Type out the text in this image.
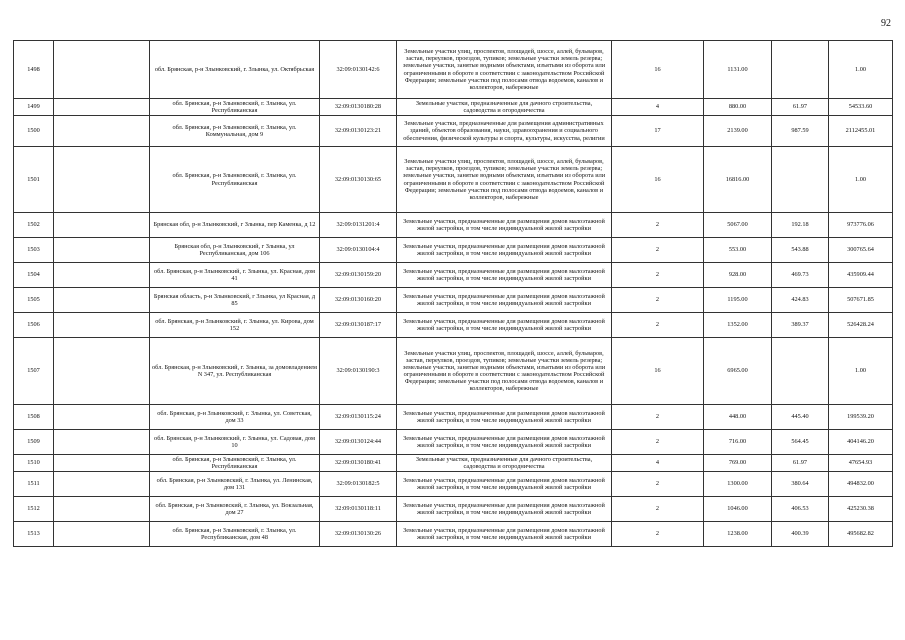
92
1498		обл. Брянская, р-н Злынковский, г. Злынка, ул. Октябрьская	32:09:0130142:6	Земельные участки улиц, проспектов, площадей, шоссе, аллей, бульваров, застав, переулков, проездов, тупиков; земельные участки земель резерва; земельные участки, занятые водными объектами, изъятыми из оборота или ограниченными в обороте в соответствии с законодательством Российской Федерации; земельные участки под полосами отвода водоемов, каналов и коллекторов, набережные	16	1131.00		1.00
1499		обл. Брянская, р-н Злынковский, г. Злынка, ул. Республиканская	32:09:0130180:28	Земельные участки, предназначенные для дачного строительства, садоводства и огородничества	4	880.00	61.97	54533.60
1500		обл. Брянская, р-н Злынковский, г. Злынка, ул. Коммунальная, дом 9	32:09:0130123:21	Земельные участки, предназначенные для размещения административных зданий, объектов образования, науки, здравоохранения и социального обеспечения, физической культуры и спорта, культуры, искусства, религии	17	2139.00	987.59	2112455.01
1501		обл. Брянская, р-н Злынковский, г. Злынка, ул. Республиканская	32:09:0130130:65	Земельные участки улиц, проспектов, площадей, шоссе, аллей, бульваров, застав, переулков, проездов, тупиков; земельные участки земель резерва; земельные участки, занятые водными объектами, изъятыми из оборота или ограниченными в обороте в соответствии с законодательством Российской Федерации; земельные участки под полосами отвода водоемов, каналов и коллекторов, набережные	16	16816.00		1.00
1502		Брянская обл, р-н Злынковский, г Злынка, пер Каменка, д 12	32:09:0131201:4	Земельные участки, предназначенные для размещения домов малоэтажной жилой застройки, в том числе индивидуальной жилой застройки	2	5067.00	192.18	973776.06
1503		Брянская обл, р-н Злынковский, г Злынка, ул Республиканская, дом 106	32:09:0130104:4	Земельные участки, предназначенные для размещения домов малоэтажной жилой застройки, в том числе индивидуальной жилой застройки	2	553.00	543.88	300765.64
1504		обл. Брянская, р-н Злынковский, г. Злынка, ул. Красная, дом 41	32:09:0130159:20	Земельные участки, предназначенные для размещения домов малоэтажной жилой застройки, в том числе индивидуальной жилой застройки	2	928.00	469.73	435909.44
1505		Брянская область, р-н Злынковский, г Злынка, ул Красная, д 85	32:09:0130160:20	Земельные участки, предназначенные для размещения домов малоэтажной жилой застройки, в том числе индивидуальной жилой застройки	2	1195.00	424.83	507671.85
1506		обл. Брянская, р-н Злынковский, г. Злынка, ул. Кирова, дом 152	32:09:0130187:17	Земельные участки, предназначенные для размещения домов малоэтажной жилой застройки, в том числе индивидуальной жилой застройки	2	1352.00	389.37	526428.24
1507		обл. Брянская, р-н Злынковский, г. Злынка, за домовладением N 347, ул. Республиканская	32:09:0130190:3	Земельные участки улиц, проспектов, площадей, шоссе, аллей, бульваров, застав, переулков, проездов, тупиков; земельные участки земель резерва; земельные участки, занятые водными объектами, изъятыми из оборота или ограниченными в обороте в соответствии с законодательством Российской Федерации; земельные участки под полосами отвода водоемов, каналов и коллекторов, набережные	16	6965.00		1.00
1508		обл. Брянская, р-н Злынковский, г. Злынка, ул. Советская, дом 33	32:09:0130115:24	Земельные участки, предназначенные для размещения домов малоэтажной жилой застройки, в том числе индивидуальной жилой застройки	2	448.00	445.40	199539.20
1509		обл. Брянская, р-н Злынковский, г. Злынка, ул. Садовая, дом 10	32:09:0130124:44	Земельные участки, предназначенные для размещения домов малоэтажной жилой застройки, в том числе индивидуальной жилой застройки	2	716.00	564.45	404146.20
1510		обл. Брянская, р-н Злынковский, г. Злынка, ул. Республиканская	32:09:0130180:41	Земельные участки, предназначенные для дачного строительства, садоводства и огородничества	4	769.00	61.97	47654.93
1511		обл. Брянская, р-н Злынковский, г. Злынка, ул. Ленинская, дом 131	32:09:0130182:5	Земельные участки, предназначенные для размещения домов малоэтажной жилой застройки, в том числе индивидуальной жилой застройки	2	1300.00	380.64	494832.00
1512		обл. Брянская, р-н Злынковский, г. Злынка, ул. Вокзальная, дом 27	32:09:0130118:11	Земельные участки, предназначенные для размещения домов малоэтажной жилой застройки, в том числе индивидуальной жилой застройки	2	1046.00	406.53	425230.38
1513		обл. Брянская, р-н Злынковский, г. Злынка, ул. Республиканская, дом 48	32:09:0130130:26	Земельные участки, предназначенные для размещения домов малоэтажной жилой застройки, в том числе индивидуальной жилой застройки	2	1238.00	400.39	495682.82
